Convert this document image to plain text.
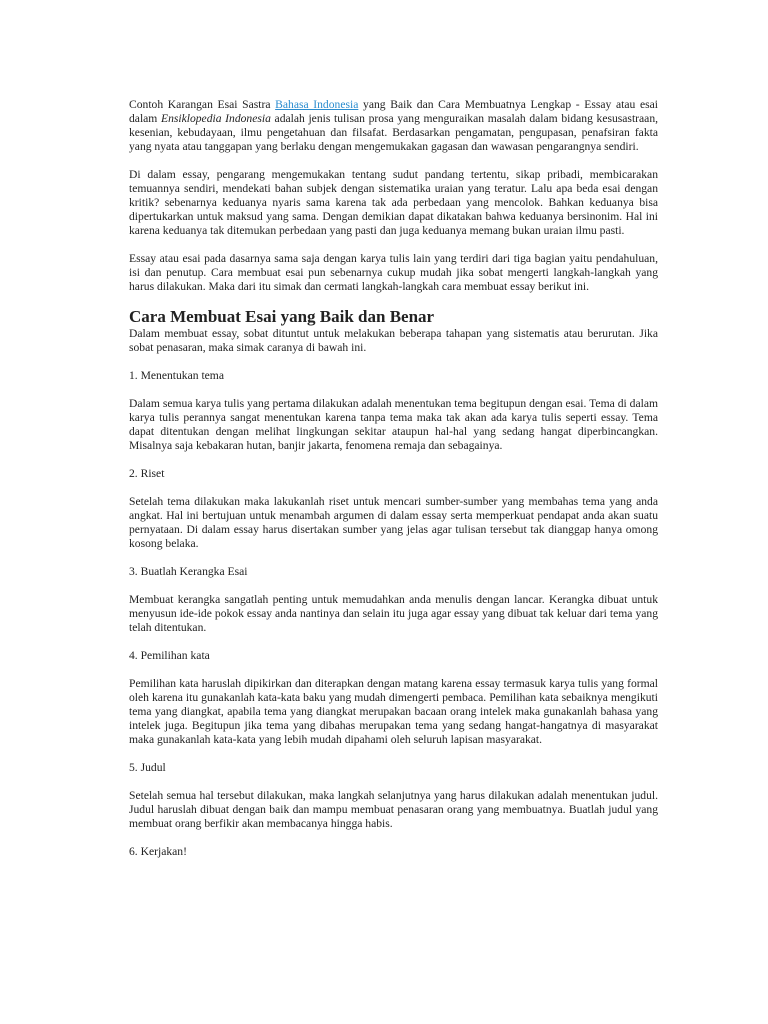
Contoh Karangan Esai Sastra Bahasa Indonesia yang Baik dan Cara Membuatnya Lengkap - Essay atau esai dalam Ensiklopedia Indonesia adalah jenis tulisan prosa yang menguraikan masalah dalam bidang kesusastraan, kesenian, kebudayaan, ilmu pengetahuan dan filsafat. Berdasarkan pengamatan, pengupasan, penafsiran fakta yang nyata atau tanggapan yang berlaku dengan mengemukakan gagasan dan wawasan pengarangnya sendiri.

Di dalam essay, pengarang mengemukakan tentang sudut pandang tertentu, sikap pribadi, membicarakan temuannya sendiri, mendekati bahan subjek dengan sistematika uraian yang teratur. Lalu apa beda esai dengan kritik? sebenarnya keduanya nyaris sama karena tak ada perbedaan yang mencolok. Bahkan keduanya bisa dipertukarkan untuk maksud yang sama. Dengan demikian dapat dikatakan bahwa keduanya bersinonim. Hal ini karena keduanya tak ditemukan perbedaan yang pasti dan juga keduanya memang bukan uraian ilmu pasti.

Essay atau esai pada dasarnya sama saja dengan karya tulis lain yang terdiri dari tiga bagian yaitu pendahuluan, isi dan penutup. Cara membuat esai pun sebenarnya cukup mudah jika sobat mengerti langkah-langkah yang harus dilakukan. Maka dari itu simak dan cermati langkah-langkah cara membuat essay berikut ini.

Cara Membuat Esai yang Baik dan Benar

Dalam membuat essay, sobat dituntut untuk melakukan beberapa tahapan yang sistematis atau berurutan. Jika sobat penasaran, maka simak caranya di bawah ini.

1. Menentukan tema

Dalam semua karya tulis yang pertama dilakukan adalah menentukan tema begitupun dengan esai. Tema di dalam karya tulis perannya sangat menentukan karena tanpa tema maka tak akan ada karya tulis seperti essay. Tema dapat ditentukan dengan melihat lingkungan sekitar ataupun hal-hal yang sedang hangat diperbincangkan. Misalnya saja kebakaran hutan, banjir jakarta, fenomena remaja dan sebagainya.

2. Riset

Setelah tema dilakukan maka lakukanlah riset untuk mencari sumber-sumber yang membahas tema yang anda angkat. Hal ini bertujuan untuk menambah argumen di dalam essay serta memperkuat pendapat anda akan suatu pernyataan. Di dalam essay harus disertakan sumber yang jelas agar tulisan tersebut tak dianggap hanya omong kosong belaka.

3. Buatlah Kerangka Esai

Membuat kerangka sangatlah penting untuk memudahkan anda menulis dengan lancar. Kerangka dibuat untuk menyusun ide-ide pokok essay anda nantinya dan selain itu juga agar essay yang dibuat tak keluar dari tema yang telah ditentukan.

4. Pemilihan kata

Pemilihan kata haruslah dipikirkan dan diterapkan dengan matang karena essay termasuk karya tulis yang formal oleh karena itu gunakanlah kata-kata baku yang mudah dimengerti pembaca. Pemilihan kata sebaiknya mengikuti tema yang diangkat, apabila tema yang diangkat merupakan bacaan orang intelek maka gunakanlah bahasa yang intelek juga. Begitupun jika tema yang dibahas merupakan tema yang sedang hangat-hangatnya di masyarakat maka gunakanlah kata-kata yang lebih mudah dipahami oleh seluruh lapisan masyarakat.

5. Judul

Setelah semua hal tersebut dilakukan, maka langkah selanjutnya yang harus dilakukan adalah menentukan judul. Judul haruslah dibuat dengan baik dan mampu membuat penasaran orang yang membuatnya. Buatlah judul yang membuat orang berfikir akan membacanya hingga habis.

6. Kerjakan!
